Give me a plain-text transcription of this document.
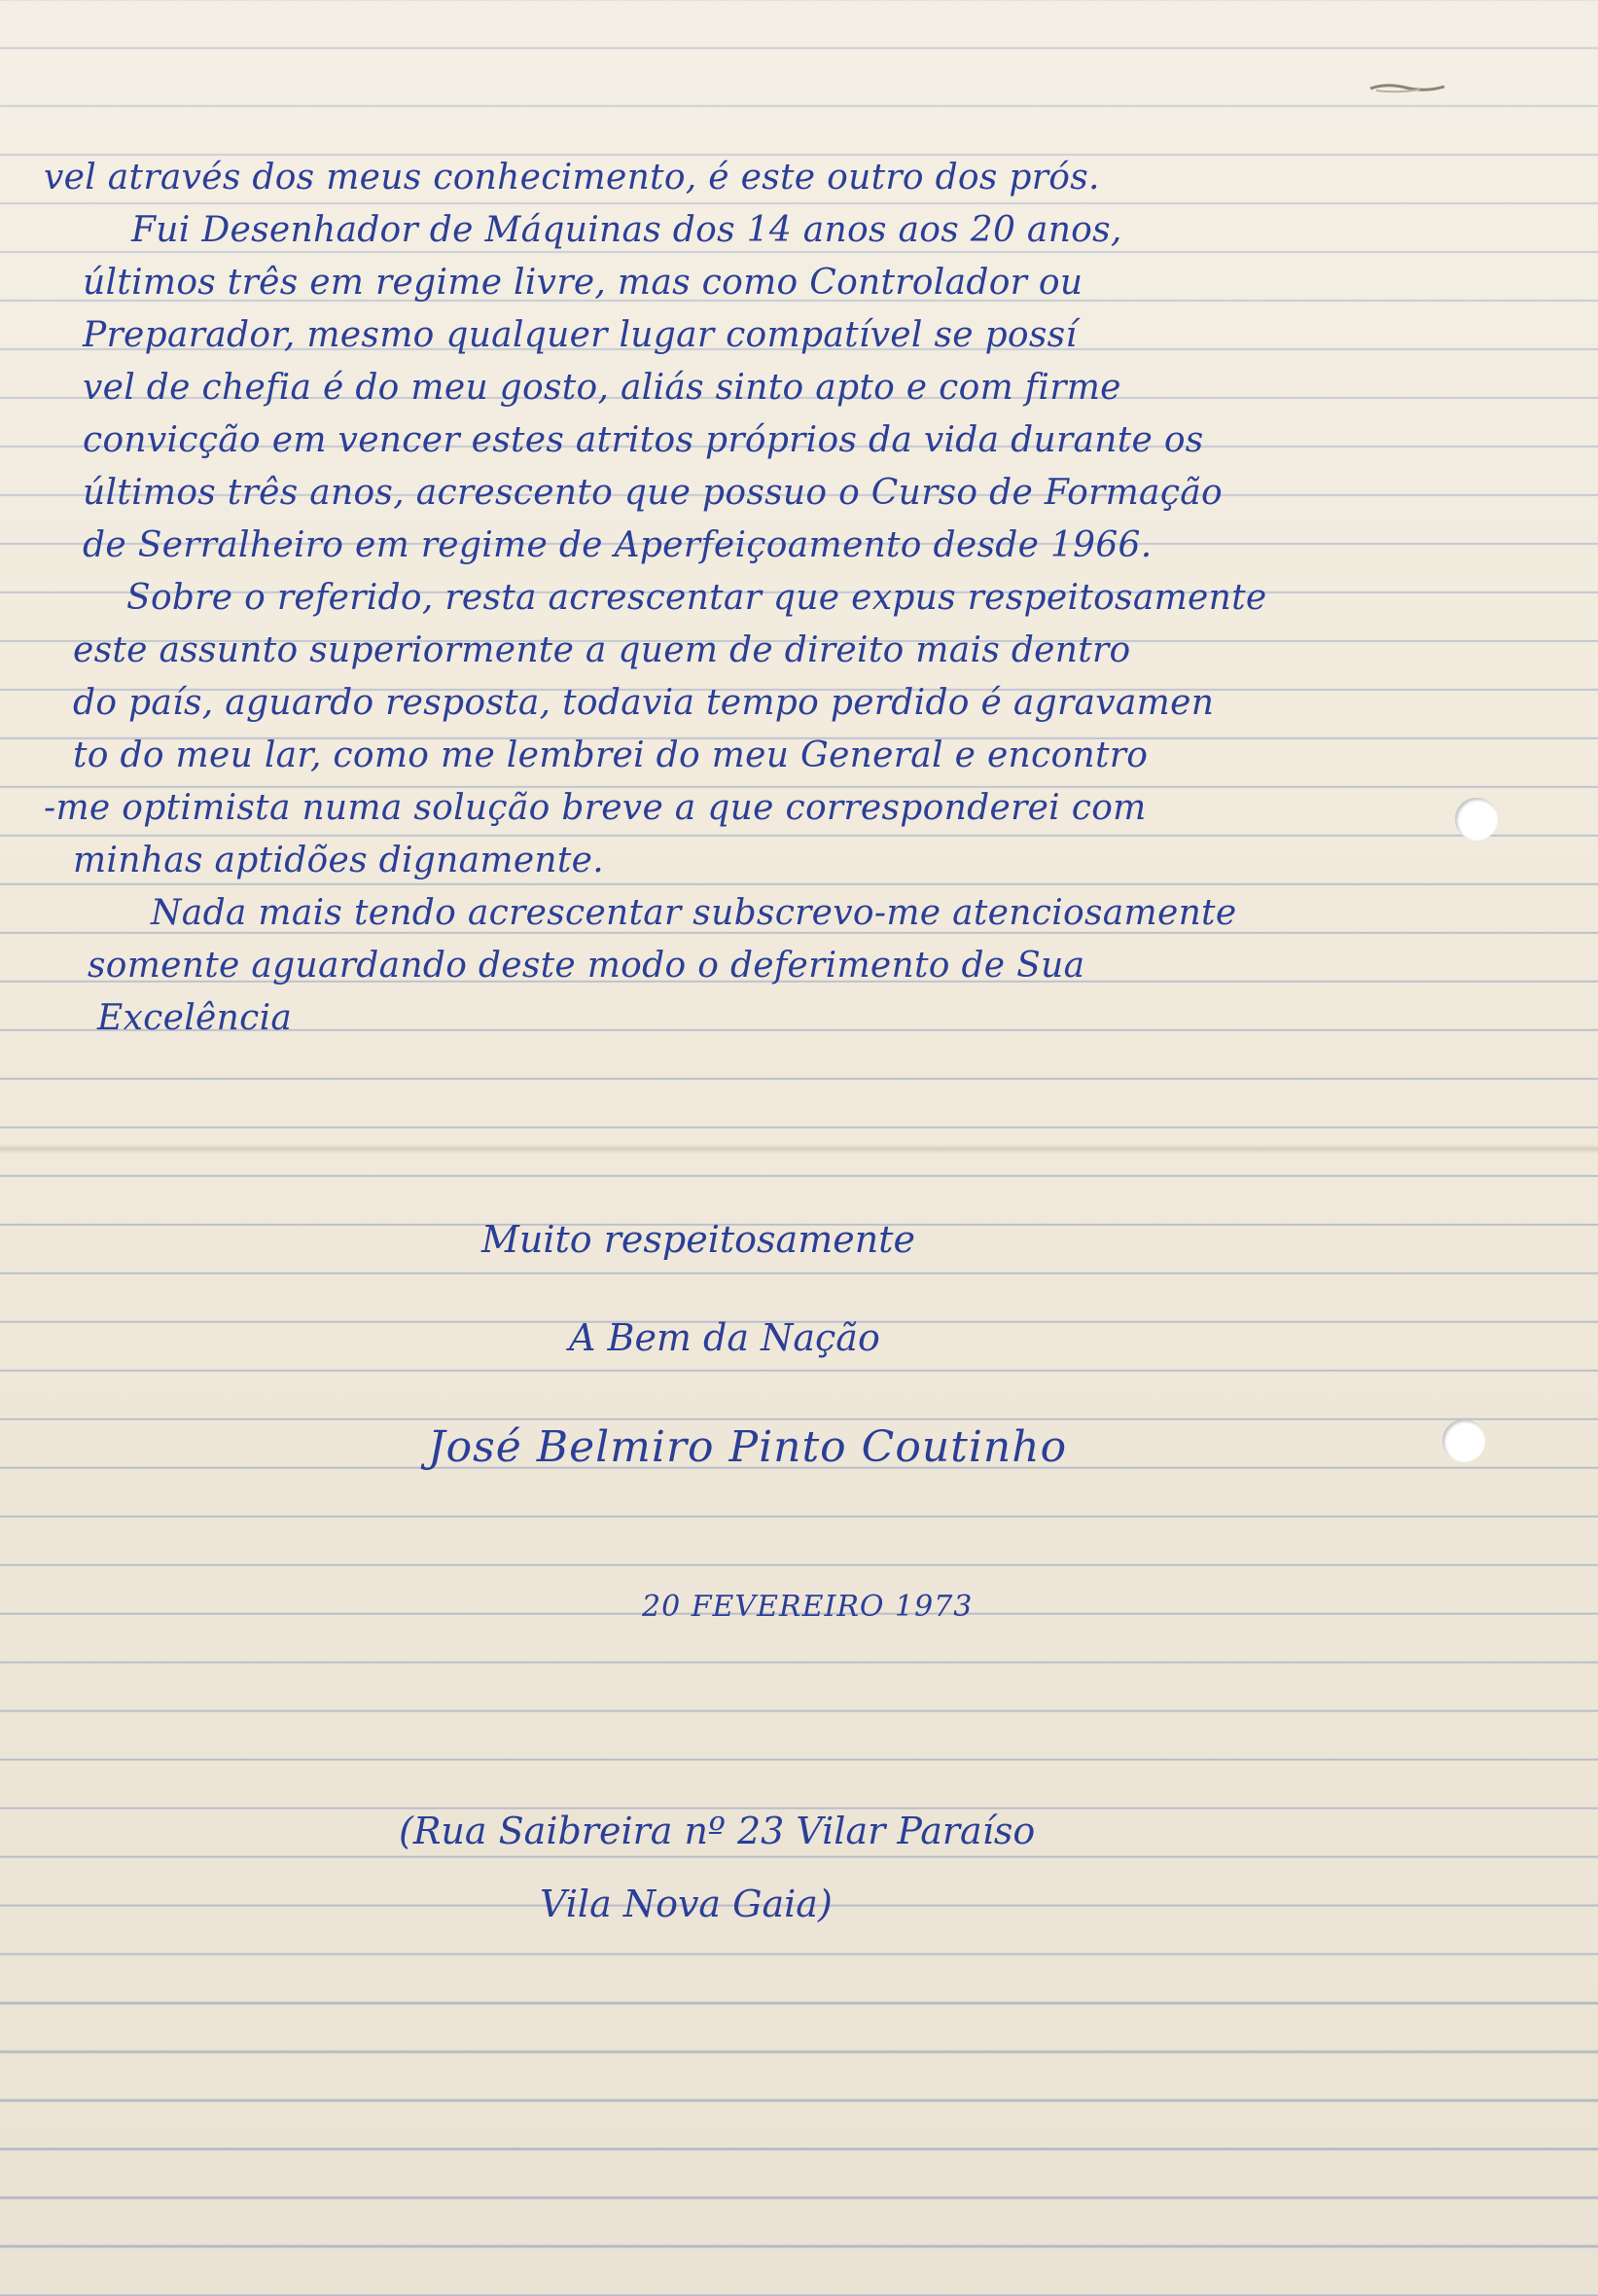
vel através dos meus conhecimento, é este outro dos prós.
Fui Desenhador de Máquinas dos 14 anos aos 20 anos,
últimos três em regime livre, mas como Controlador ou
Preparador, mesmo qualquer lugar compatível se possí
vel de chefia é do meu gosto, aliás sinto apto e com firme
convicção em vencer estes atritos próprios da vida durante os
últimos três anos, acrescento que possuo o Curso de Formação
de Serralheiro em regime de Aperfeiçoamento desde 1966.
Sobre o referido, resta acrescentar que expus respeitosamente
este assunto superiormente a quem de direito mais dentro
do país, aguardo resposta, todavia tempo perdido é agravamen
to do meu lar, como me lembrei do meu General e encontro
-me optimista numa solução breve a que corresponderei com
minhas aptidões dignamente.
Nada mais tendo acrescentar subscrevo-me atenciosamente
somente aguardando deste modo o deferimento de Sua
Excelência
Muito respeitosamente
A Bem da Nação
José Belmiro Pinto Coutinho
20 FEVEREIRO 1973
(Rua Saibreira nº 23 Vilar Paraíso
Vila Nova Gaia)
